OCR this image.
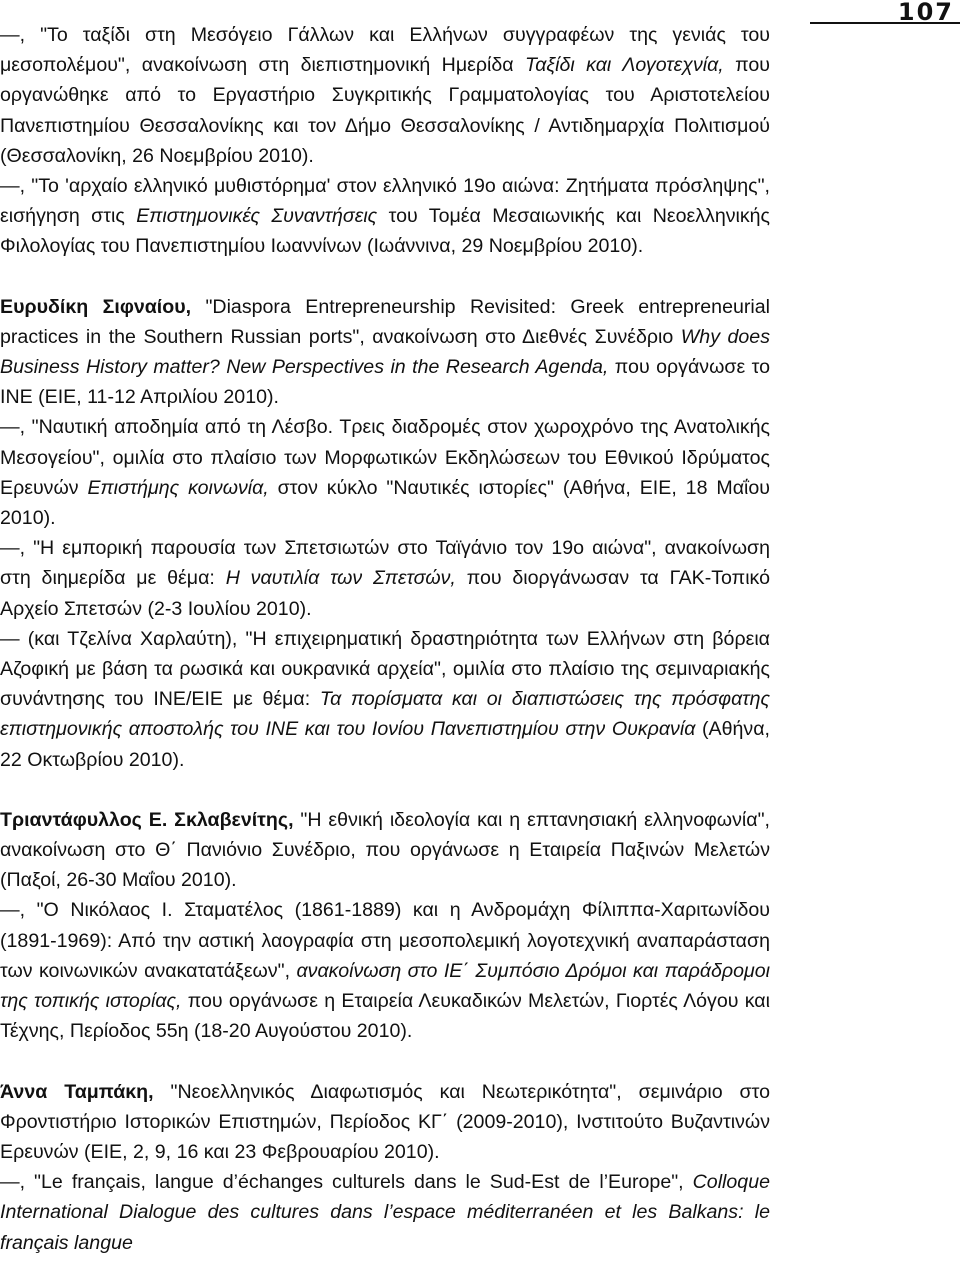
107

—, "Το ταξίδι στη Μεσόγειο Γάλλων και Ελλήνων συγγραφέων της γενιάς του μεσοπολέμου", ανακοίνωση στη διεπιστημονική Ημερίδα Ταξίδι και Λογοτεχνία, που οργανώθηκε από το Εργαστήριο Συγκριτικής Γραμματολογίας του Αριστοτελείου Πανεπιστημίου Θεσσαλονίκης και τον Δήμο Θεσσαλονίκης / Αντιδημαρχία Πολιτισμού (Θεσσαλονίκη, 26 Νοεμβρίου 2010).

—, "Το 'αρχαίο ελληνικό μυθιστόρημα' στον ελληνικό 19ο αιώνα: Ζητήματα πρόσληψης", εισήγηση στις Επιστημονικές Συναντήσεις του Τομέα Μεσαιωνικής και Νεοελληνικής Φιλολογίας του Πανεπιστημίου Ιωαννίνων (Ιωάννινα, 29 Νοεμβρίου 2010).

Ευρυδίκη Σιφναίου, "Diaspora Entrepreneurship Revisited: Greek entrepreneurial practices in the Southern Russian ports", ανακοίνωση στο Διεθνές Συνέδριο Why does Business History matter? New Perspectives in the Research Agenda, που οργάνωσε το ΙΝΕ (ΕΙΕ, 11-12 Απριλίου 2010).

—, "Ναυτική αποδημία από τη Λέσβο. Τρεις διαδρομές στον χωροχρόνο της Ανατολικής Μεσογείου", ομιλία στο πλαίσιο των Μορφωτικών Εκδηλώσεων του Εθνικού Ιδρύματος Ερευνών Επιστήμης κοινωνία, στον κύκλο "Ναυτικές ιστορίες" (Αθήνα, ΕΙΕ, 18 Μαΐου 2010).

—, "Η εμπορική παρουσία των Σπετσιωτών στο Ταϊγάνιο τον 19ο αιώνα", ανακοίνωση στη διημερίδα με θέμα: Η ναυτιλία των Σπετσών, που διοργάνωσαν τα ΓΑΚ-Τοπικό Αρχείο Σπετσών (2-3 Ιουλίου 2010).

— (και Τζελίνα Χαρλαύτη), "Η επιχειρηματική δραστηριότητα των Ελλήνων στη βόρεια Αζοφική με βάση τα ρωσικά και ουκρανικά αρχεία", ομιλία στο πλαίσιο της σεμιναριακής συνάντησης του ΙΝΕ/ΕΙΕ με θέμα: Τα πορίσματα και οι διαπιστώσεις της πρόσφατης επιστημονικής αποστολής του ΙΝΕ και του Ιονίου Πανεπιστημίου στην Ουκρανία (Αθήνα, 22 Οκτωβρίου 2010).

Τριαντάφυλλος Ε. Σκλαβενίτης, "Η εθνική ιδεολογία και η επτανησιακή ελληνοφωνία", ανακοίνωση στο Θ΄ Πανιόνιο Συνέδριο, που οργάνωσε η Εταιρεία Παξινών Μελετών (Παξοί, 26-30 Μαΐου 2010).

—, "Ο Νικόλαος Ι. Σταματέλος (1861-1889) και η Ανδρομάχη Φίλιππα-Χαριτωνίδου (1891-1969): Από την αστική λαογραφία στη μεσοπολεμική λογοτεχνική αναπαράσταση των κοινωνικών ανακατατάξεων", ανακοίνωση στο ΙΕ΄ Συμπόσιο Δρόμοι και παράδρομοι της τοπικής ιστορίας, που οργάνωσε η Εταιρεία Λευκαδικών Μελετών, Γιορτές Λόγου και Τέχνης, Περίοδος 55η (18-20 Αυγούστου 2010).

Άννα Ταμπάκη, "Νεοελληνικός Διαφωτισμός και Νεωτερικότητα", σεμινάριο στο Φροντιστήριο Ιστορικών Επιστημών, Περίοδος ΚΓ΄ (2009-2010), Ινστιτούτο Βυζαντινών Ερευνών (ΕΙΕ, 2, 9, 16 και 23 Φεβρουαρίου 2010).

—, "Le français, langue d’échanges culturels dans le Sud-Est de l’Europe", Colloque International Dialogue des cultures dans l’espace méditerranéen et les Balkans: le français langue
